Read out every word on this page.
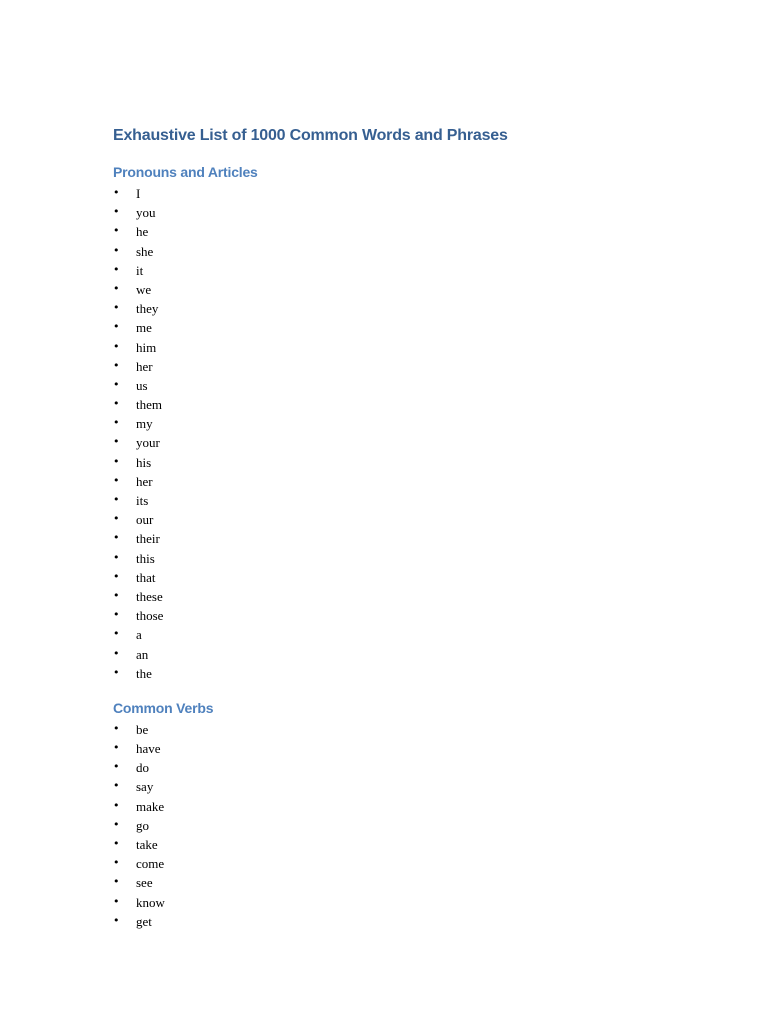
Exhaustive List of 1000 Common Words and Phrases
Pronouns and Articles
• I
• you
• he
• she
• it
• we
• they
• me
• him
• her
• us
• them
• my
• your
• his
• her
• its
• our
• their
• this
• that
• these
• those
• a
• an
• the
Common Verbs
• be
• have
• do
• say
• make
• go
• take
• come
• see
• know
• get
